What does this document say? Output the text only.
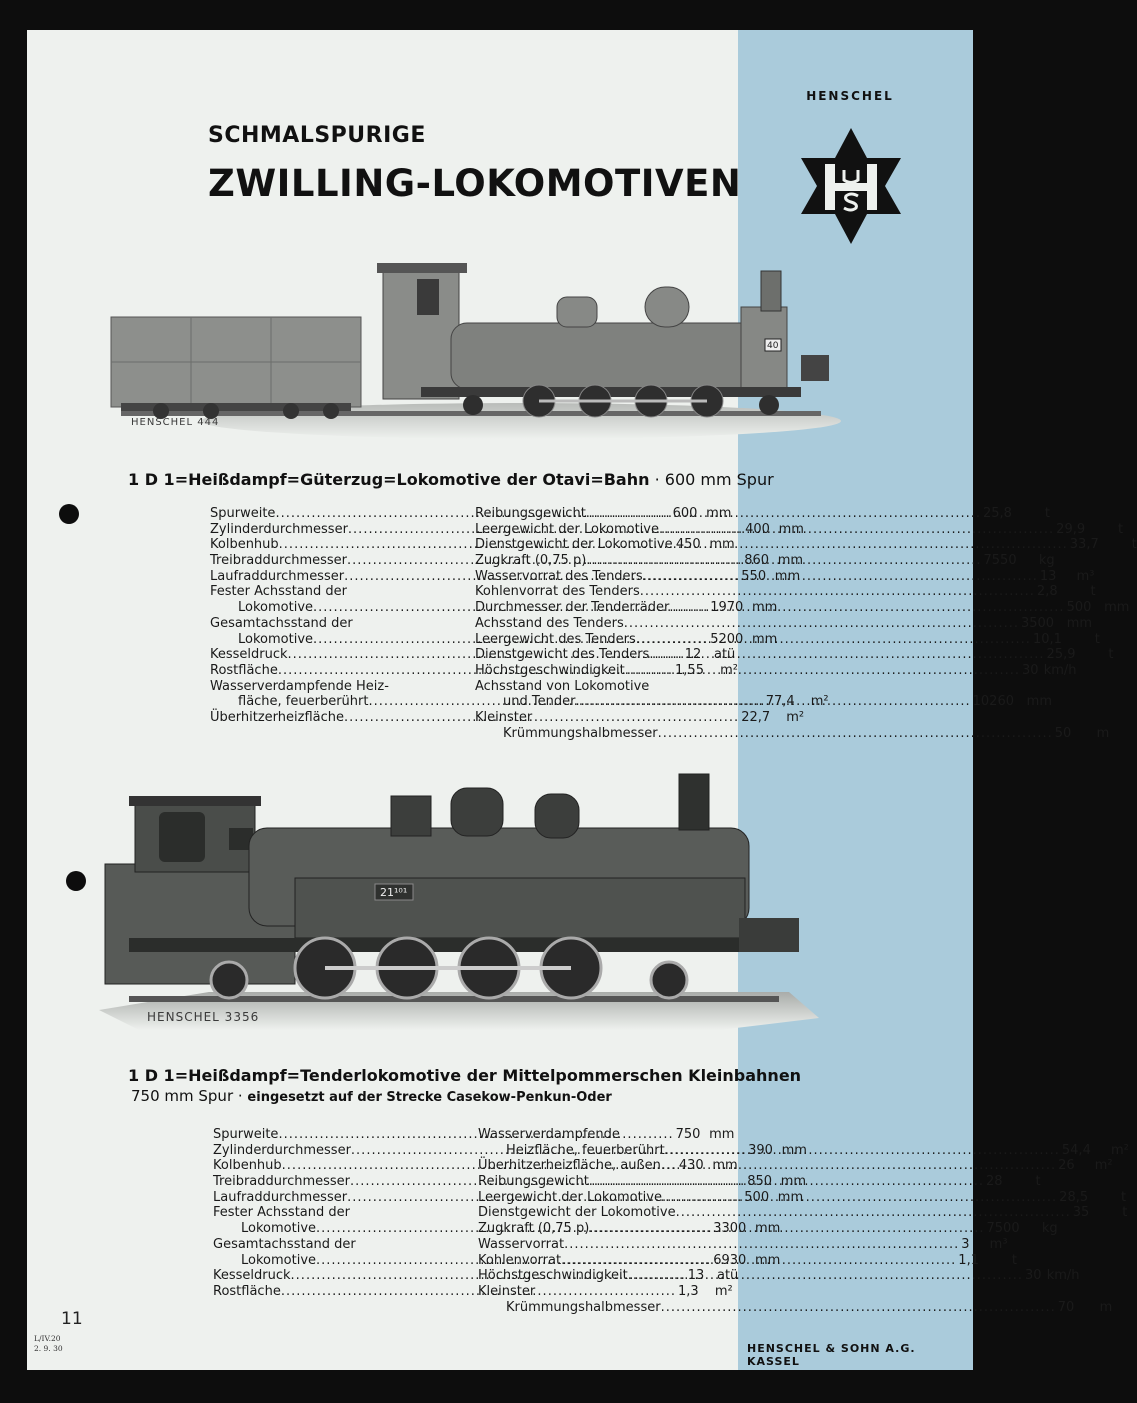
HENSCHEL
SCHMALSPURIGE
ZWILLING-LOKOMOTIVEN
40
HENSCHEL 444
1 D 1=Heißdampf=Güterzug=Lokomotive der Otavi=Bahn · 600 mm Spur
Spurweite .....	600 mm
Zylinderdurchmesser .....	400 mm
Kolbenhub .....	450 mm
Treibraddurchmesser .....	860 mm
Laufraddurchmesser .....	550 mm
Fester Achsstand der
Lokomotive .....	1970 mm
Gesamtachsstand der
Lokomotive .....	5200 mm
Kesseldruck .....	12 atü
Rostfläche .....	1,55	m²
Wasserverdampfende Heiz-
fläche, feuerberührt .....	77,4	m²
Überhitzerheizfläche .....	22,7	m²
Reibungsgewicht .....	25,8	t
Leergewicht der Lokomotive .....	29,9	t
Dienstgewicht der Lokomotive .....	33,7	t
Zugkraft (0,75 p) .....	7550	kg
Wasservorrat des Tenders .....	13	m³
Kohlenvorrat des Tenders .....	2,8	t
Durchmesser der Tenderräder .....	500 mm
Achsstand des Tenders .....	3500 mm
Leergewicht des Tenders .....	10,1	t
Dienstgewicht des Tenders .....	25,9	t
Höchstgeschwindigkeit .....	30 km/h
Achsstand von Lokomotive
und Tender .....	10260 mm
Kleinster
Krümmungshalbmesser .....	50	m
21¹⁰¹
HENSCHEL 3356
1 D 1=Heißdampf=Tenderlokomotive der Mittelpommerschen Kleinbahnen
750 mm Spur · eingesetzt auf der Strecke Casekow-Penkun-Oder
Spurweite .....	750 mm
Zylinderdurchmesser .....	390 mm
Kolbenhub .....	430 mm
Treibraddurchmesser .....	850 mm
Laufraddurchmesser .....	500 mm
Fester Achsstand der
Lokomotive .....	3300 mm
Gesamtachsstand der
Lokomotive .....	6930 mm
Kesseldruck .....	13 atü
Rostfläche .....	1,3	m²
Wasserverdampfende
Heizfläche, feuerberührt .....	54,4	m²
Überhitzerheizfläche, außen .....	26	m²
Reibungsgewicht .....	28	t
Leergewicht der Lokomotive .....	28,5	t
Dienstgewicht der Lokomotive .....	35	t
Zugkraft (0,75 p) .....	7500	kg
Wasservorrat .....	3	m³
Kohlenvorrat .....	1,1	t
Höchstgeschwindigkeit .....	30 km/h
Kleinster
Krümmungshalbmesser .....	70	m
11
L/IV.20
2. 9. 30	HENSCHEL & SOHN A.G. KASSEL
